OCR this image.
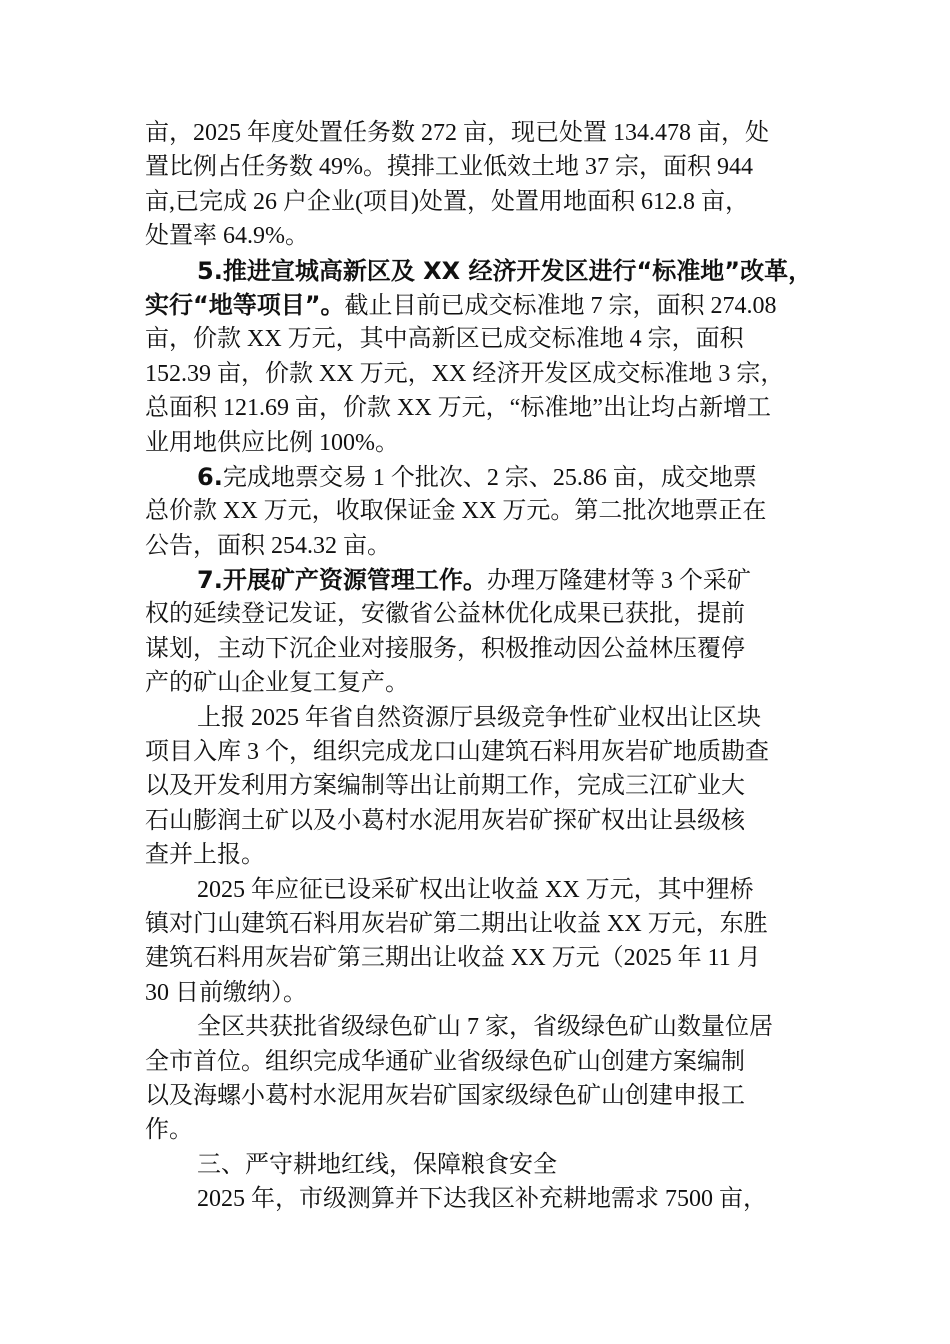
亩，2025 年度处置任务数 272 亩，现已处置 134.478 亩，处
置比例占任务数 49%。摸排工业低效土地 37 宗，面积 944
亩,已完成 26 户企业(项目)处置，处置用地面积 612.8 亩，
处置率 64.9%。
5.推进宣城高新区及 XX 经济开发区进行“标准地”改革，
实行“地等项目”。截止目前已成交标准地 7 宗，面积 274.08
亩，价款 XX 万元，其中高新区已成交标准地 4 宗，面积
152.39 亩，价款 XX 万元，XX 经济开发区成交标准地 3 宗，
总面积 121.69 亩，价款 XX 万元，“标准地”出让均占新增工
业用地供应比例 100%。
6.完成地票交易 1 个批次、2 宗、25.86 亩，成交地票
总价款 XX 万元，收取保证金 XX 万元。第二批次地票正在
公告，面积 254.32 亩。
7.开展矿产资源管理工作。办理万隆建材等 3 个采矿
权的延续登记发证，安徽省公益林优化成果已获批，提前
谋划，主动下沉企业对接服务，积极推动因公益林压覆停
产的矿山企业复工复产。
上报 2025 年省自然资源厅县级竞争性矿业权出让区块
项目入库 3 个，组织完成龙口山建筑石料用灰岩矿地质勘查
以及开发利用方案编制等出让前期工作，完成三江矿业大
石山膨润土矿以及小葛村水泥用灰岩矿探矿权出让县级核
查并上报。
2025 年应征已设采矿权出让收益 XX 万元，其中狸桥
镇对门山建筑石料用灰岩矿第二期出让收益 XX 万元，东胜
建筑石料用灰岩矿第三期出让收益 XX 万元（2025 年 11 月
30 日前缴纳）。
全区共获批省级绿色矿山 7 家，省级绿色矿山数量位居
全市首位。组织完成华通矿业省级绿色矿山创建方案编制
以及海螺小葛村水泥用灰岩矿国家级绿色矿山创建申报工
作。
三、严守耕地红线，保障粮食安全
2025 年，市级测算并下达我区补充耕地需求 7500 亩，
